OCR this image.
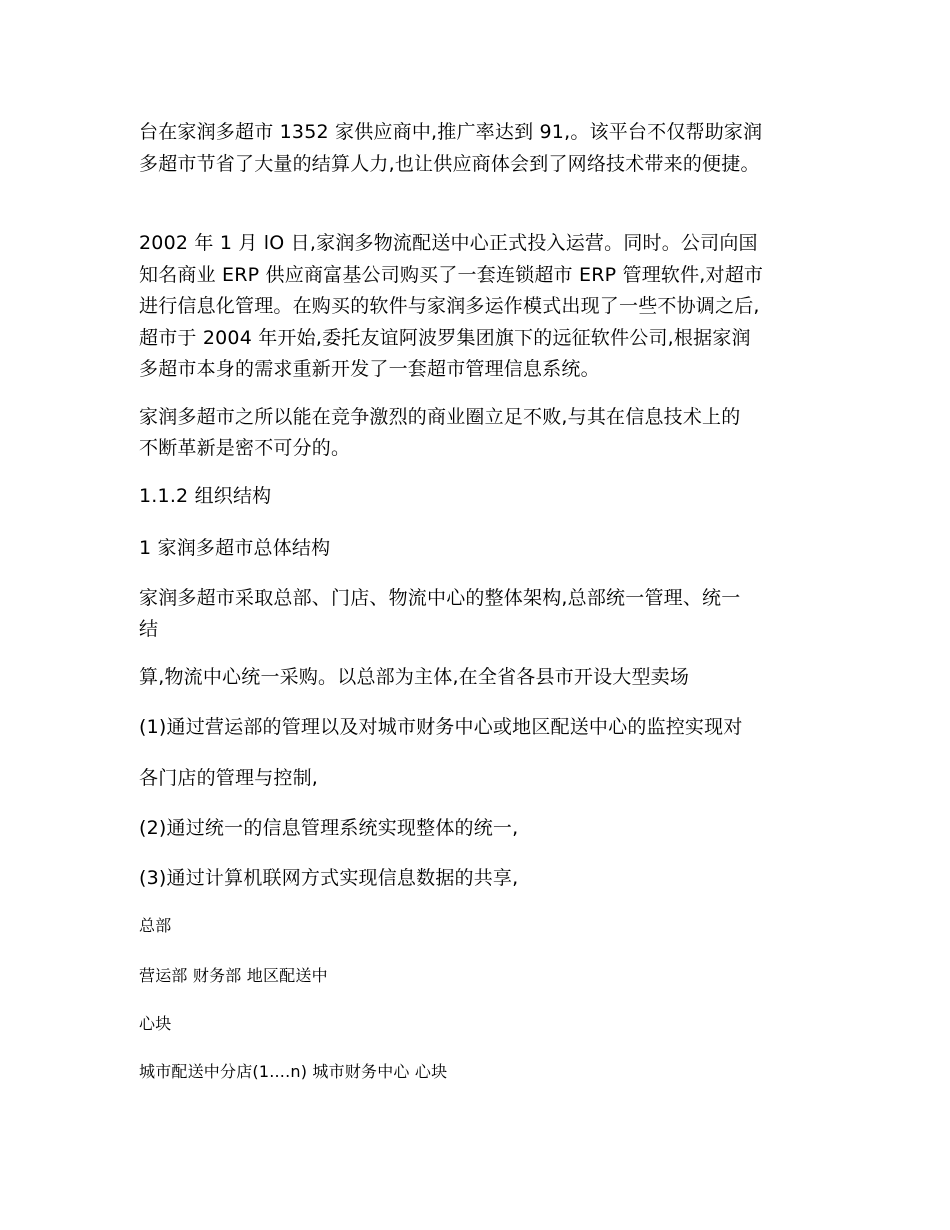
台在家润多超市 1352 家供应商中,推广率达到 91,。该平台不仅帮助家润
多超市节省了大量的结算人力,也让供应商体会到了网络技术带来的便捷。
2002 年 1 月 lO 日,家润多物流配送中心正式投入运营。同时。公司向国
知名商业 ERP 供应商富基公司购买了一套连锁超市 ERP 管理软件,对超市
进行信息化管理。在购买的软件与家润多运作模式出现了一些不协调之后,
超市于 2004 年开始,委托友谊阿波罗集团旗下的远征软件公司,根据家润
多超市本身的需求重新开发了一套超市管理信息系统。
家润多超市之所以能在竞争激烈的商业圈立足不败,与其在信息技术上的
不断革新是密不可分的。
1.1.2 组织结构
1 家润多超市总体结构
家润多超市采取总部、门店、物流中心的整体架构,总部统一管理、统一
结
算,物流中心统一采购。以总部为主体,在全省各县市开设大型卖场
(1)通过营运部的管理以及对城市财务中心或地区配送中心的监控实现对
各门店的管理与控制,
(2)通过统一的信息管理系统实现整体的统一,
(3)通过计算机联网方式实现信息数据的共享,
总部
营运部 财务部 地区配送中
心块
城市配送中分店(1....n) 城市财务中心 心块
